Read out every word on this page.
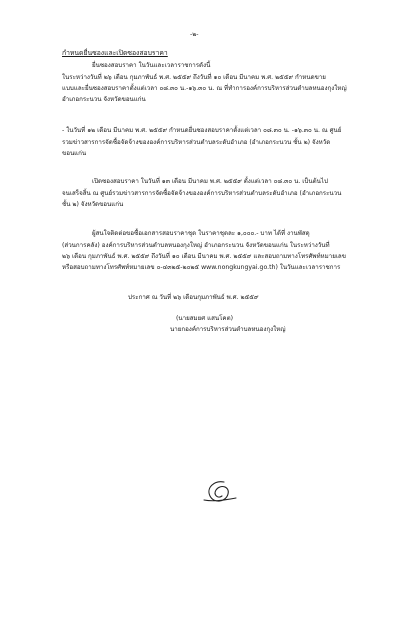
-๒-
กำหนดยื่นซองและเปิดซองสอบราคา
ยื่นซองสอบราคา ในวันและเวลาราชการดังนี้
ในระหว่างวันที่ ๒๖ เดือน กุมภาพันธ์ พ.ศ. ๒๕๕๙ ถึงวันที่ ๑๐ เดือน มีนาคม พ.ศ. ๒๕๕๙ กำหนดขาย
แบบและยื่นซองสอบราคาตั้งแต่เวลา ๐๘.๓๐ น.-๑๖.๓๐ น. ณ ที่ทำการองค์การบริหารส่วนตำบลหนองกุงใหญ่
อำเภอกระนวน จังหวัดขอนแก่น
- ในวันที่ ๑๒ เดือน มีนาคม พ.ศ. ๒๕๕๙ กำหนดยื่นซองสอบราคาตั้งแต่เวลา ๐๘.๓๐ น. -๑๖.๓๐ น. ณ ศูนย์
รวมข่าวสารการจัดซื้อจัดจ้างขององค์การบริหารส่วนตำบลระดับอำเภอ (อำเภอกระนวน ชั้น ๒) จังหวัด
ขอนแก่น
เปิดซองสอบราคา ในวันที่ ๑๓ เดือน มีนาคม พ.ศ. ๒๕๕๙ ตั้งแต่เวลา ๐๘.๓๐ น. เป็นต้นไป
จนเสร็จสิ้น ณ ศูนย์รวมข่าวสารการจัดซื้อจัดจ้างขององค์การบริหารส่วนตำบลระดับอำเภอ (อำเภอกระนวน
ชั้น ๒) จังหวัดขอนแก่น
ผู้สนใจติดต่อขอซื้อเอกสารสอบราคาชุด ในราคาชุดละ ๑,๐๐๐.- บาท ได้ที่ งานพัสดุ
(ส่วนการคลัง) องค์การบริหารส่วนตำบลหนองกุงใหญ่ อำเภอกระนวน จังหวัดขอนแก่น ในระหว่างวันที่
๒๖ เดือน กุมภาพันธ์ พ.ศ. ๒๕๕๙ ถึงวันที่ ๑๐ เดือน มีนาคม พ.ศ. ๒๕๕๙ และสอบถามทางโทรศัพท์หมายเลข
หรือสอบถามทางโทรศัพท์หมายเลข ๐-๔๓๒๕-๒๐๒๕ www.nongkungyai.go.th) ในวันและเวลาราชการ
ประกาศ ณ วันที่ ๒๖ เดือนกุมภาพันธ์ พ.ศ. ๒๕๕๙
(นายสมยศ แสนโคต)
นายกองค์การบริหารส่วนตำบลหนองกุงใหญ่
